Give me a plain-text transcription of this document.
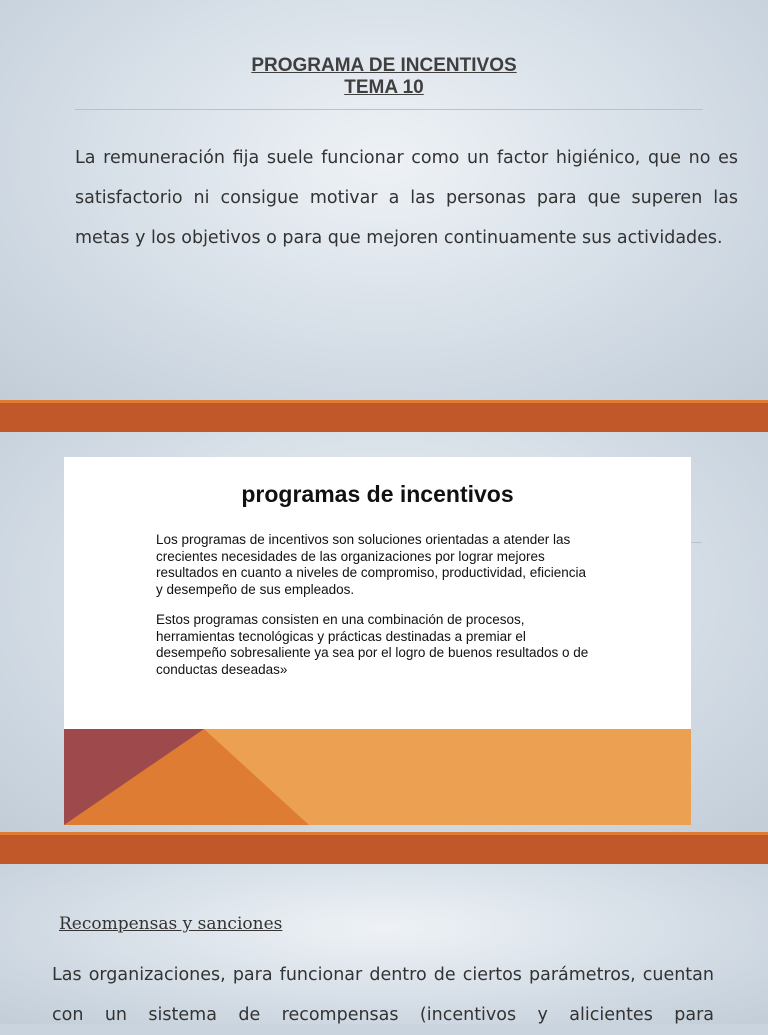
PROGRAMA DE INCENTIVOS
TEMA 10
La remuneración fija suele funcionar como un factor higiénico, que no es satisfactorio ni consigue motivar a las personas para que superen las metas y los objetivos o para que mejoren continuamente sus actividades.
programas de incentivos

Los programas de incentivos son soluciones orientadas a atender las crecientes necesidades de las organizaciones por lograr mejores resultados en cuanto a niveles de compromiso, productividad, eficiencia y desempeño de sus empleados.

Estos programas consisten en una combinación de procesos, herramientas tecnológicas y prácticas destinadas a premiar el desempeño sobresaliente ya sea por el logro de buenos resultados o de conductas deseadas»

Recompensas y sanciones
Las organizaciones, para funcionar dentro de ciertos parámetros, cuentan con un sistema de recompensas (incentivos y alicientes para
